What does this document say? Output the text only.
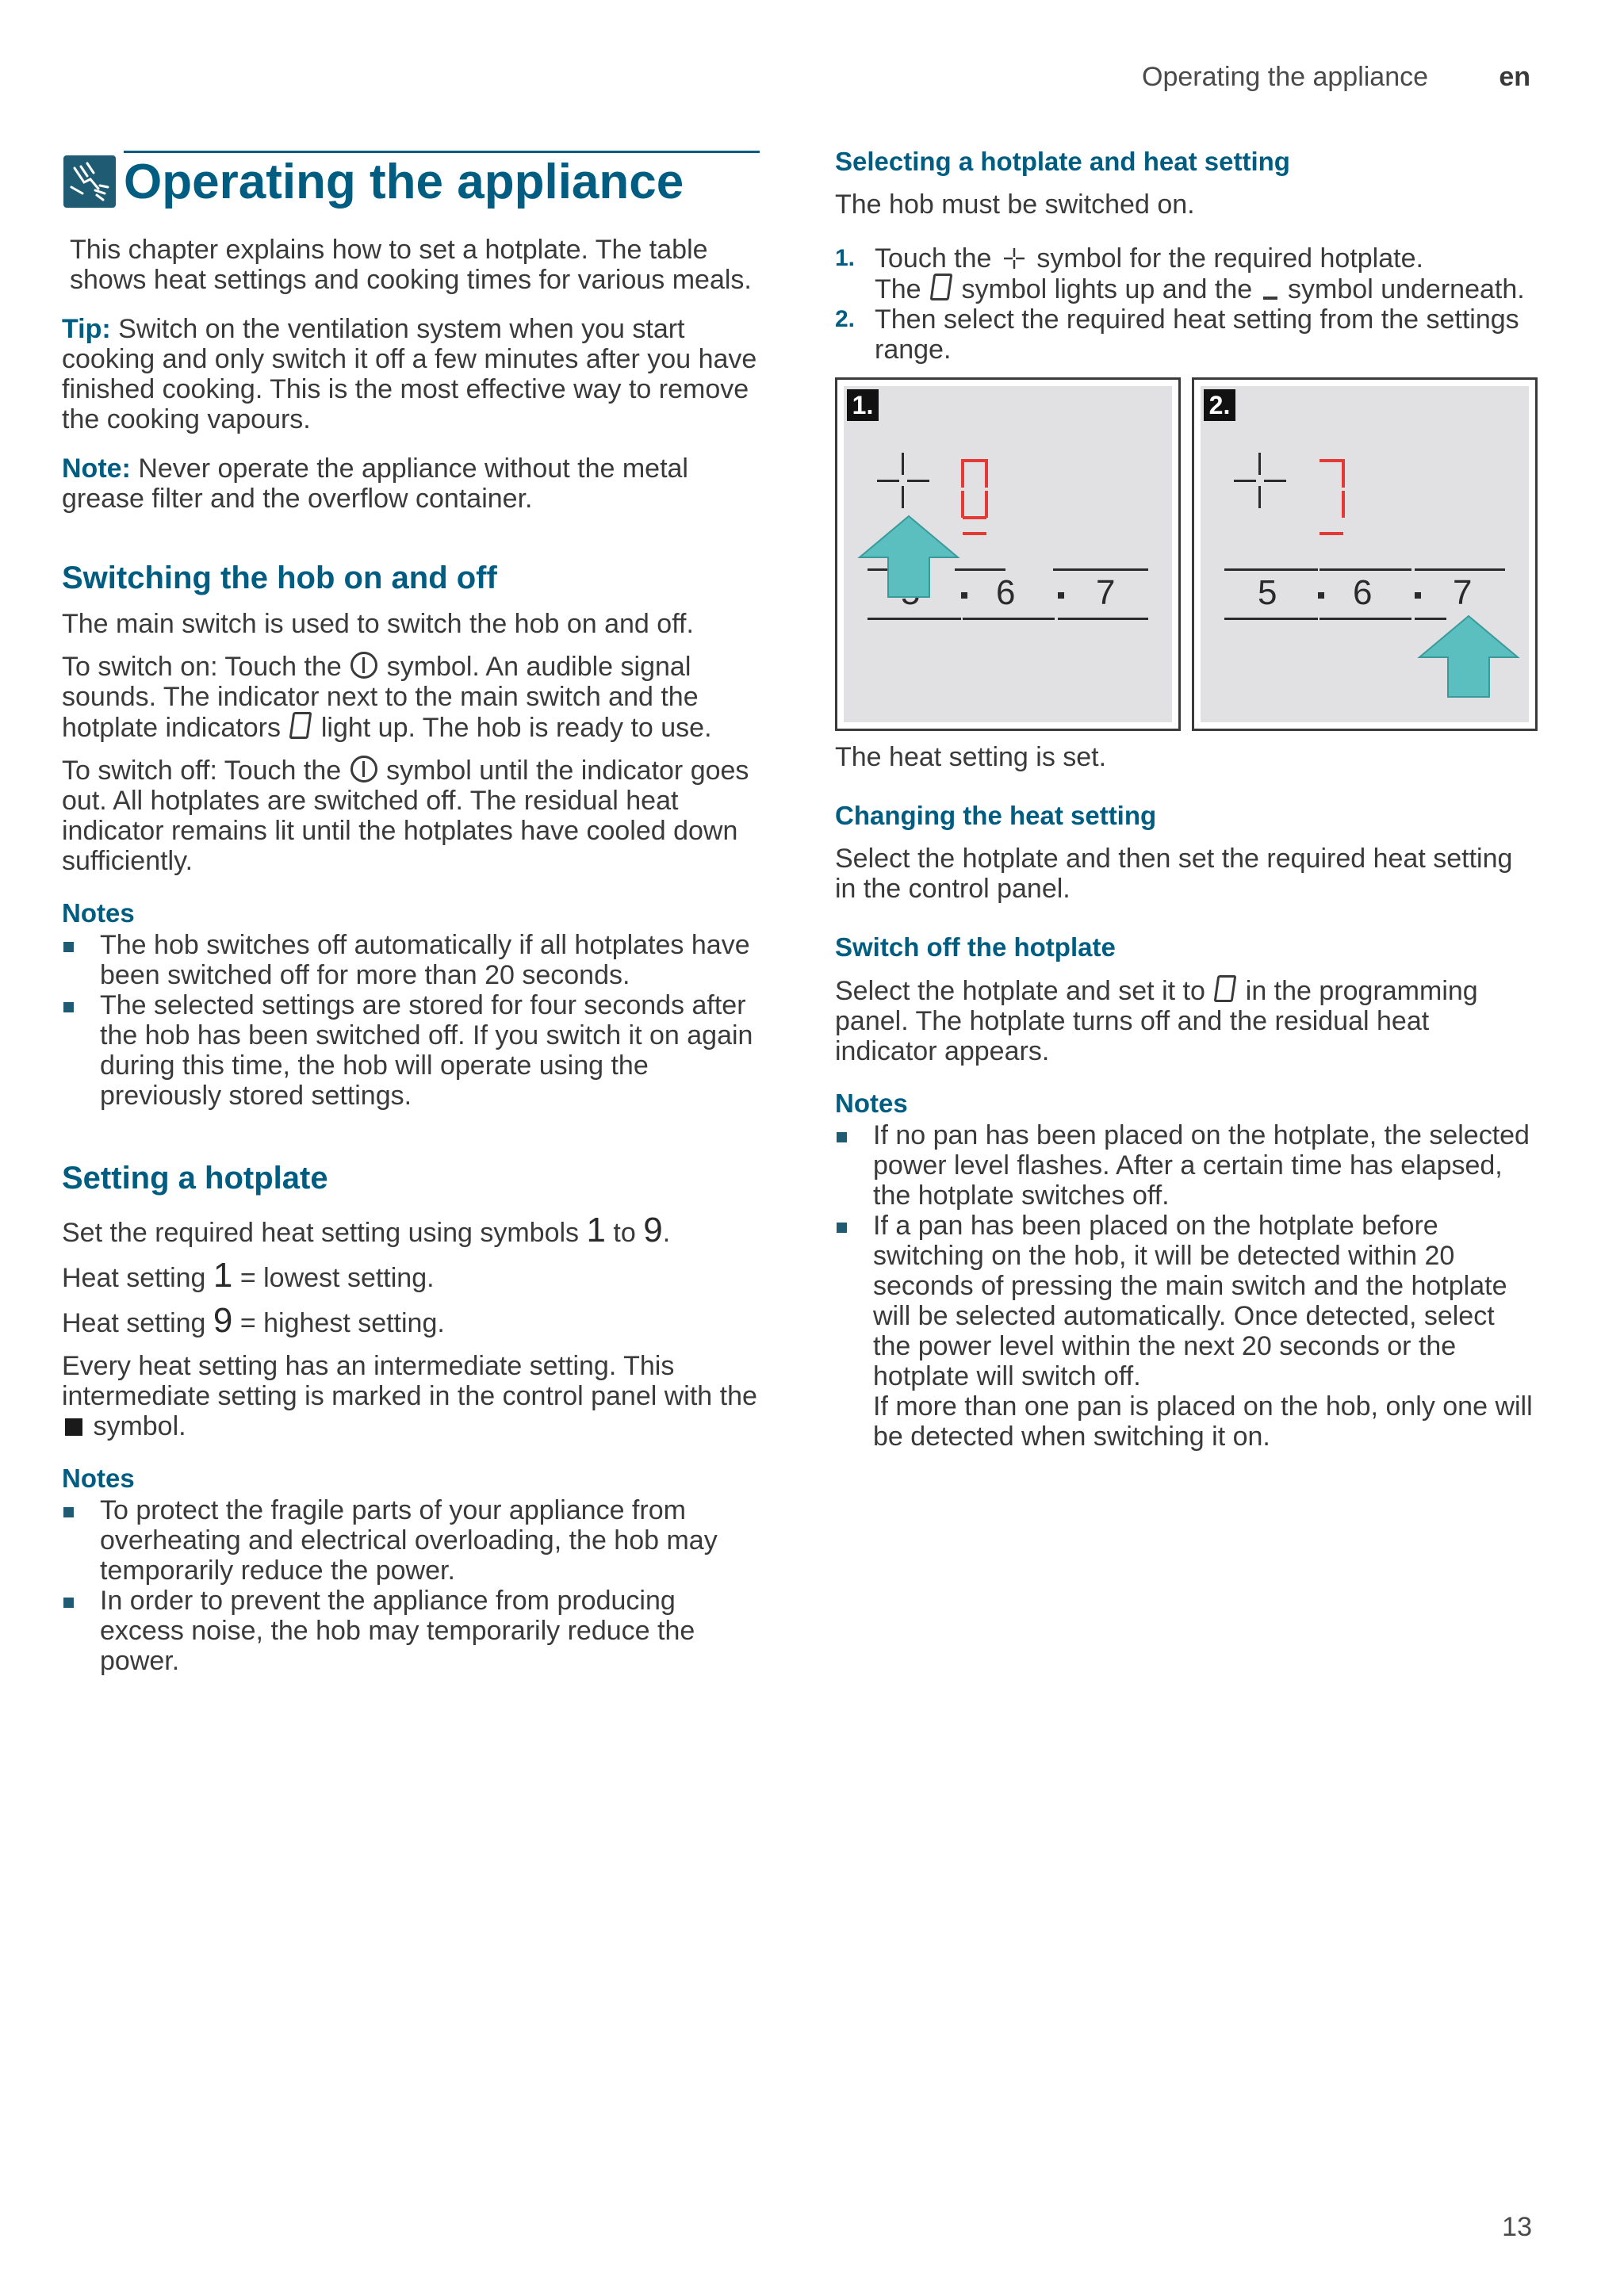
Operating the appliance	en
Operating the appliance

This chapter explains how to set a hotplate. The table shows heat settings and cooking times for various meals.

Tip: Switch on the ventilation system when you start cooking and only switch it off a few minutes after you have finished cooking. This is the most effective way to remove the cooking vapours.

Note: Never operate the appliance without the metal grease filter and the overflow container.

Switching the hob on and off

The main switch is used to switch the hob on and off.

To switch on: Touch the  symbol. An audible signal sounds. The indicator next to the main switch and the hotplate indicators  light up. The hob is ready to use.

To switch off: Touch the  symbol until the indicator goes out. All hotplates are switched off. The residual heat indicator remains lit until the hotplates have cooled down sufficiently.

Notes
The hob switches off automatically if all hotplates have been switched off for more than 20 seconds.
The selected settings are stored for four seconds after the hob has been switched off. If you switch it on again during this time, the hob will operate using the previously stored settings.
Setting a hotplate

Set the required heat setting using symbols 1 to 9.

Heat setting 1 = lowest setting.

Heat setting 9 = highest setting.

Every heat setting has an intermediate setting. This intermediate setting is marked in the control panel with the  symbol.

Notes
To protect the fragile parts of your appliance from overheating and electrical overloading, the hob may temporarily reduce the power.
In order to prevent the appliance from producing excess noise, the hob may temporarily reduce the power.
Selecting a hotplate and heat setting

The hob must be switched on.

1. Touch the  symbol for the required hotplate.
The  symbol lights up and the  symbol underneath.
2. Then select the required heat setting from the settings range.
1.
6 7
2.
5 6 7

The heat setting is set.

Changing the heat setting

Select the hotplate and then set the required heat setting in the control panel.

Switch off the hotplate

Select the hotplate and set it to  in the programming panel. The hotplate turns off and the residual heat indicator appears.

Notes
If no pan has been placed on the hotplate, the selected power level flashes. After a certain time has elapsed, the hotplate switches off.
If a pan has been placed on the hotplate before switching on the hob, it will be detected within 20 seconds of pressing the main switch and the hotplate will be selected automatically. Once detected, select the power level within the next 20 seconds or the hotplate will switch off.
If more than one pan is placed on the hob, only one will be detected when switching it on.
13
